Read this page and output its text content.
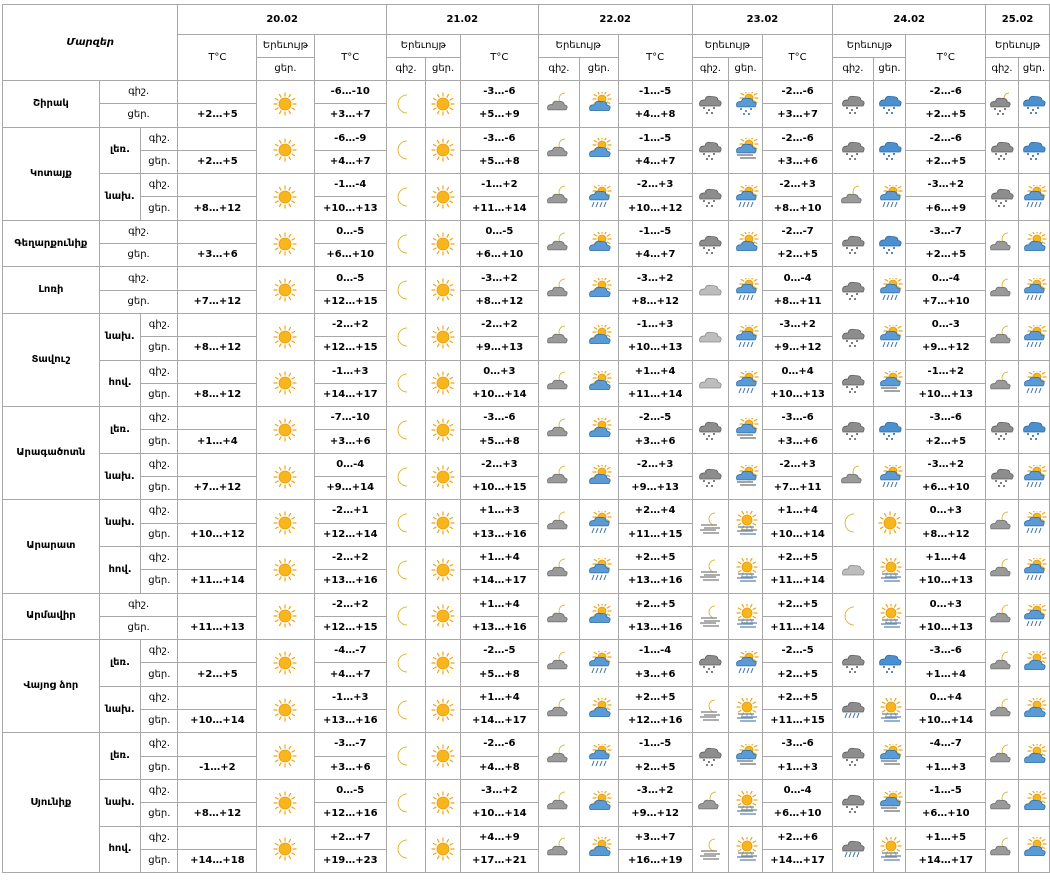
Մարզեր			20.02			21.02			22.02			23.02			24.02			25.02	
			T°C	Երեւույթ	T°C	Երեւույթ		T°C	Երեւույթ		T°C	Երեւույթ		T°C	Երեւույթ		T°C	Երեւույթ	
				ցեր.		գիշ.	ցեր.		գիշ.	ցեր.		գիշ.	ցեր.		գիշ.	ցեր.		գիշ.	ցեր.
Շիրակ	գիշ.				-6…-10			-3…-6			-1…-5			-2…-6			-2…-6	

	ցեր.		+2…+5		+3…+7			+5…+9			+4…+8			+3…+7			+2…+5		
Կոտայք	լեռ.	գիշ.			-6…-9			-3…-6			-1…-5			-2…-6			-2…-6	

		ցեր.	+2…+5		+4…+7			+5…+8			+4…+7			+3…+6			+2…+5		
	նախ.	գիշ.			-1…-4			-1…+2			-2…+3			-2…+3			-3…+2	

		ցեր.	+8…+12		+10…+13			+11…+14			+10…+12			+8…+10			+6…+9		
Գեղարքունիք	գիշ.				0…-5			0…-5			-1…-5			-2…-7			-3…-7	

	ցեր.		+3…+6		+6…+10			+6…+10			+4…+7			+2…+5			+2…+5		
Լոռի	գիշ.				0…-5			-3…+2			-3…+2			0…-4			0…-4	

	ցեր.		+7…+12		+12…+15			+8…+12			+8…+12			+8…+11			+7…+10		
Տավուշ	նախ.	գիշ.			-2…+2			-2…+2			-1…+3			-3…+2			0…-3	

		ցեր.	+8…+12		+12…+15			+9…+13			+10…+13			+9…+12			+9…+12		
	հով.	գիշ.			-1…+3			0…+3			+1…+4			0…+4			-1…+2	

		ցեր.	+8…+12		+14…+17			+10…+14			+11…+14			+10…+13			+10…+13		
Արագածոտն	լեռ.	գիշ.			-7…-10			-3…-6			-2…-5			-3…-6			-3…-6	

		ցեր.	+1…+4		+3…+6			+5…+8			+3…+6			+3…+6			+2…+5		
	նախ.	գիշ.			0…-4			-2…+3			-2…+3			-2…+3			-3…+2	

		ցեր.	+7…+12		+9…+14			+10…+15			+9…+13			+7…+11			+6…+10		
Արարատ	նախ.	գիշ.			-2…+1			+1…+3			+2…+4			+1…+4			0…+3	

		ցեր.	+10…+12		+12…+14			+13…+16			+11…+15			+10…+14			+8…+12		
	հով.	գիշ.			-2…+2			+1…+4			+2…+5			+2…+5			+1…+4	

		ցեր.	+11…+14		+13…+16			+14…+17			+13…+16			+11…+14			+10…+13		
Արմավիր	գիշ.				-2…+2			+1…+4			+2…+5			+2…+5			0…+3	

	ցեր.		+11…+13		+12…+15			+13…+16			+13…+16			+11…+14			+10…+13		
Վայոց ձոր	լեռ.	գիշ.			-4…-7			-2…-5			-1…-4			-2…-5			-3…-6	

		ցեր.	+2…+5		+4…+7			+5…+8			+3…+6			+2…+5			+1…+4		
	նախ.	գիշ.			-1…+3			+1…+4			+2…+5			+2…+5			0…+4	

		ցեր.	+10…+14		+13…+16			+14…+17			+12…+16			+11…+15			+10…+14		
Սյունիք	լեռ.	գիշ.			-3…-7			-2…-6			-1…-5			-3…-6			-4…-7	

		ցեր.	-1…+2		+3…+6			+4…+8			+2…+5			+1…+3			+1…+3		
	նախ.	գիշ.			0…-5			-3…+2			-3…+2			0…-4			-1…-5	

		ցեր.	+8…+12		+12…+16			+10…+14			+9…+12			+6…+10			+6…+10		
	հով.	գիշ.			+2…+7			+4…+9			+3…+7			+2…+6			+1…+5	

		ցեր.	+14…+18		+19…+23			+17…+21			+16…+19			+14…+17			+14…+17		
